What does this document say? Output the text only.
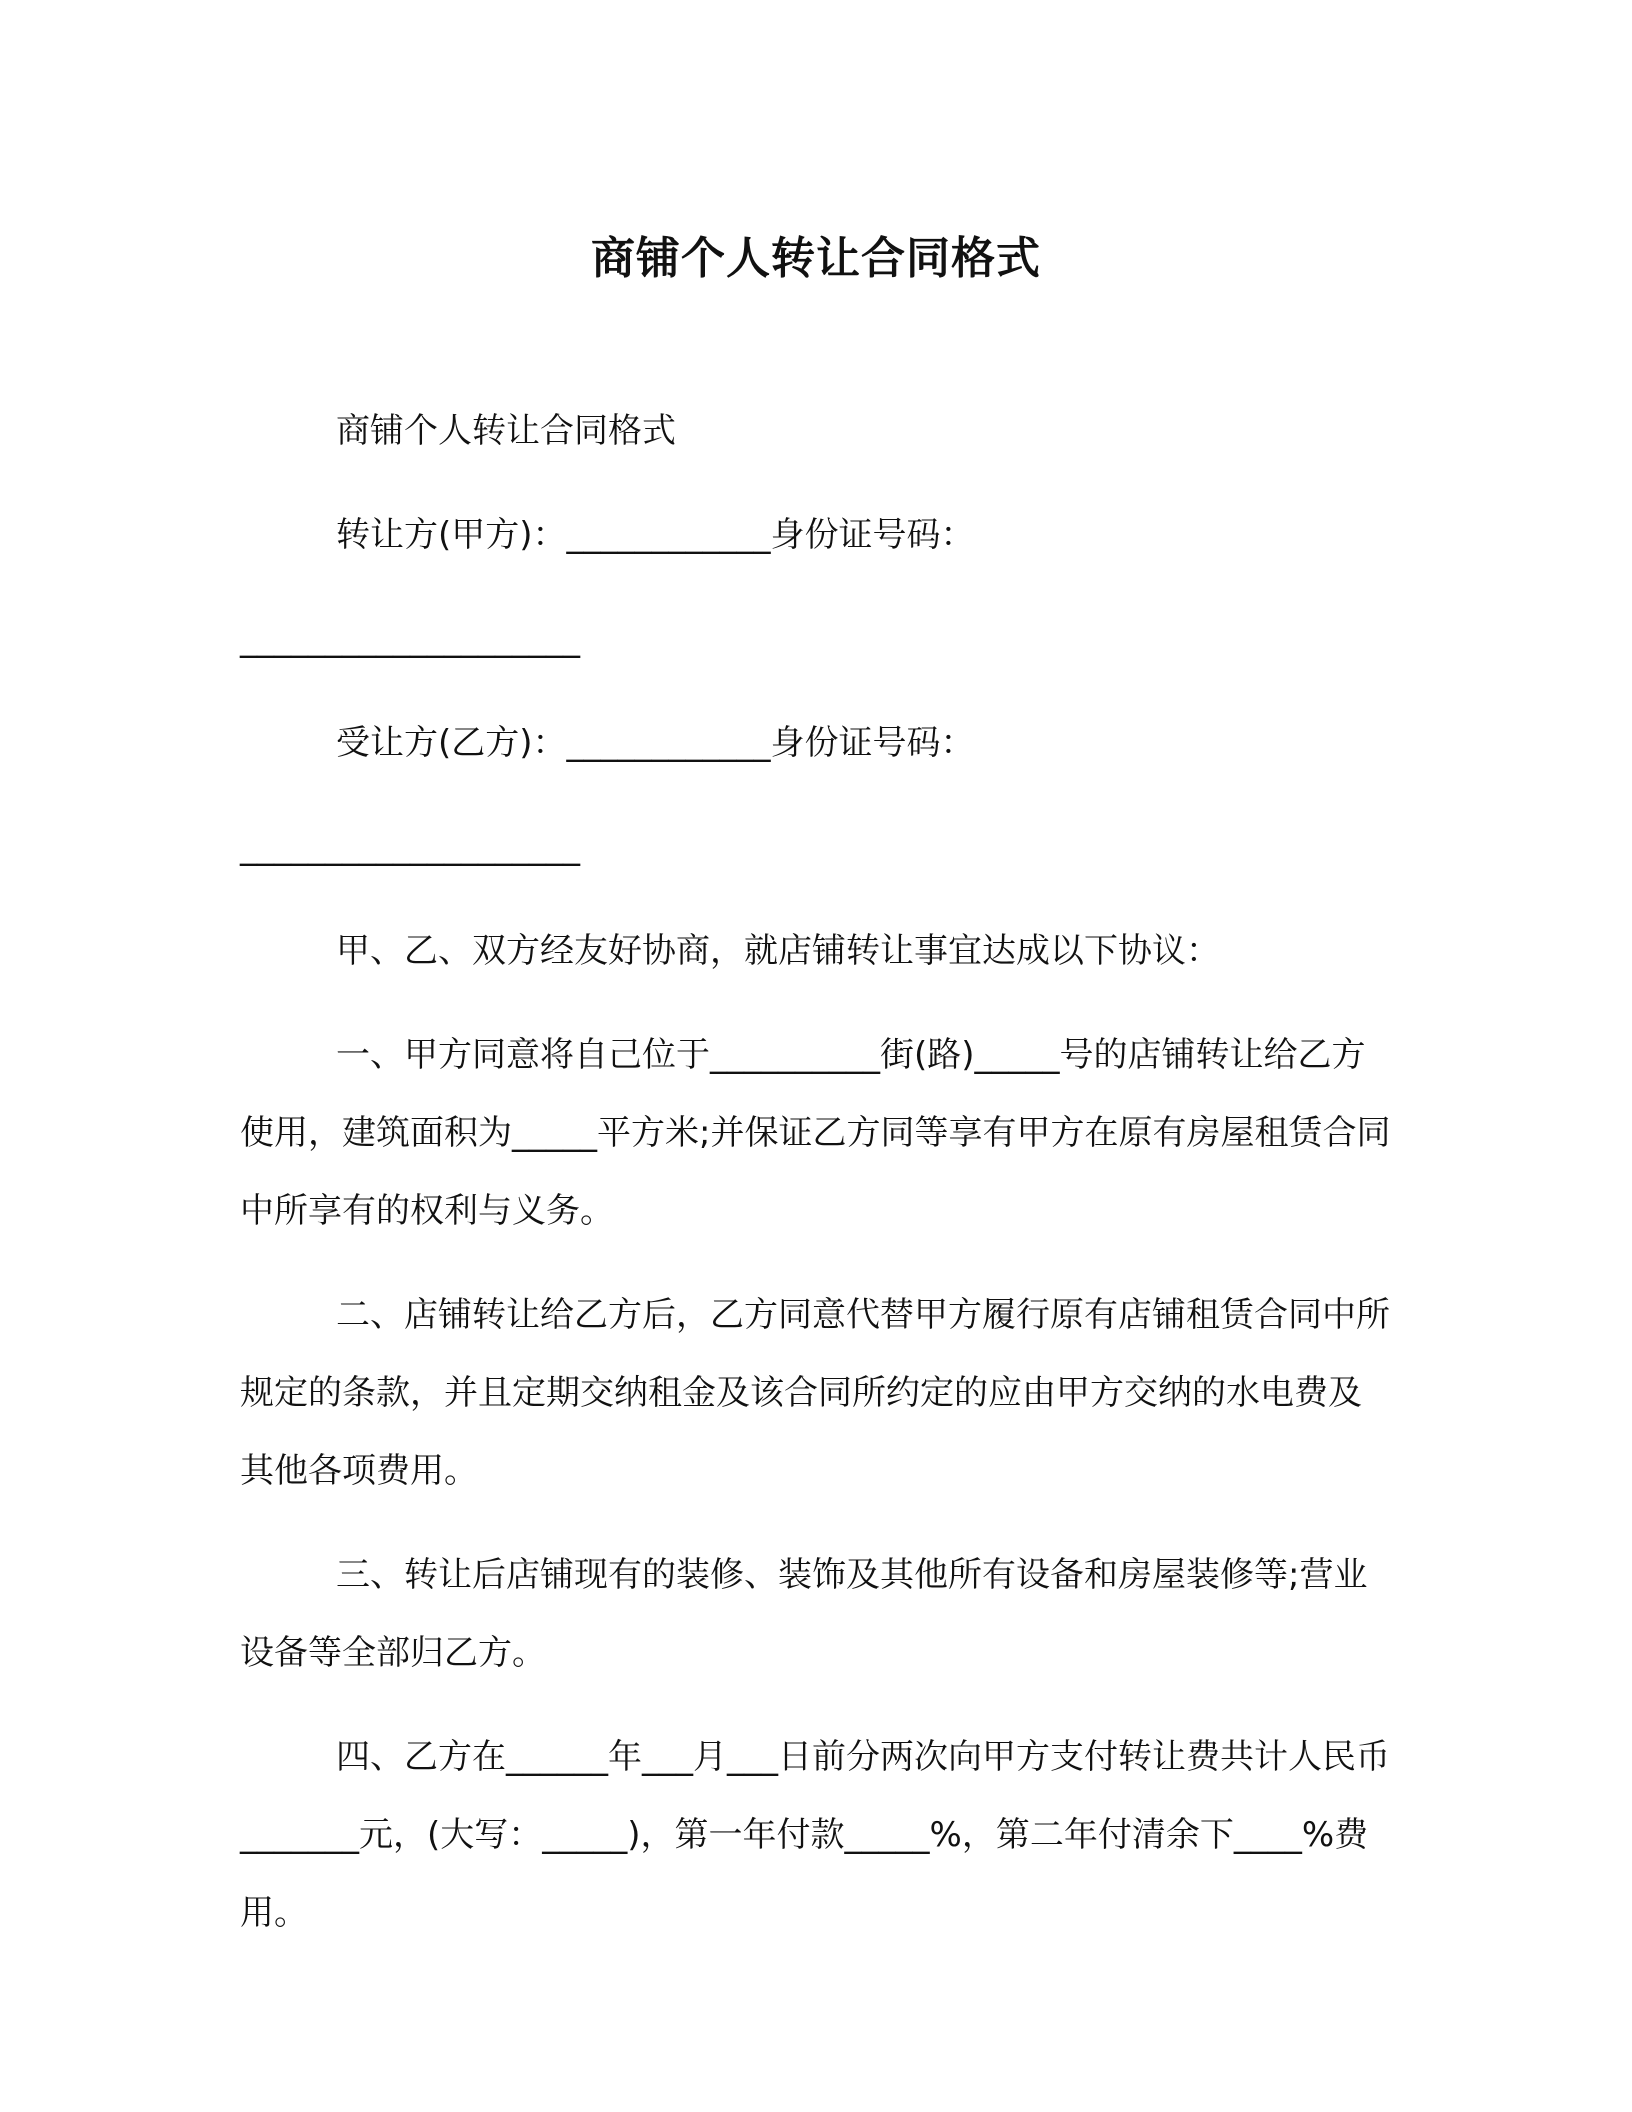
商铺个人转让合同格式

商铺个人转让合同格式

转让方(甲方)：____________身份证号码：

____________________

受让方(乙方)：____________身份证号码：

____________________

甲、乙、双方经友好协商，就店铺转让事宜达成以下协议：

一、甲方同意将自己位于__________街(路)_____号的店铺转让给乙方使用，建筑面积为_____平方米;并保证乙方同等享有甲方在原有房屋租赁合同中所享有的权利与义务。

二、店铺转让给乙方后，乙方同意代替甲方履行原有店铺租赁合同中所规定的条款，并且定期交纳租金及该合同所约定的应由甲方交纳的水电费及其他各项费用。

三、转让后店铺现有的装修、装饰及其他所有设备和房屋装修等;营业设备等全部归乙方。

四、乙方在______年___月___日前分两次向甲方支付转让费共计人民币_______元，(大写：_____)，第一年付款_____%，第二年付清余下____%费用。
